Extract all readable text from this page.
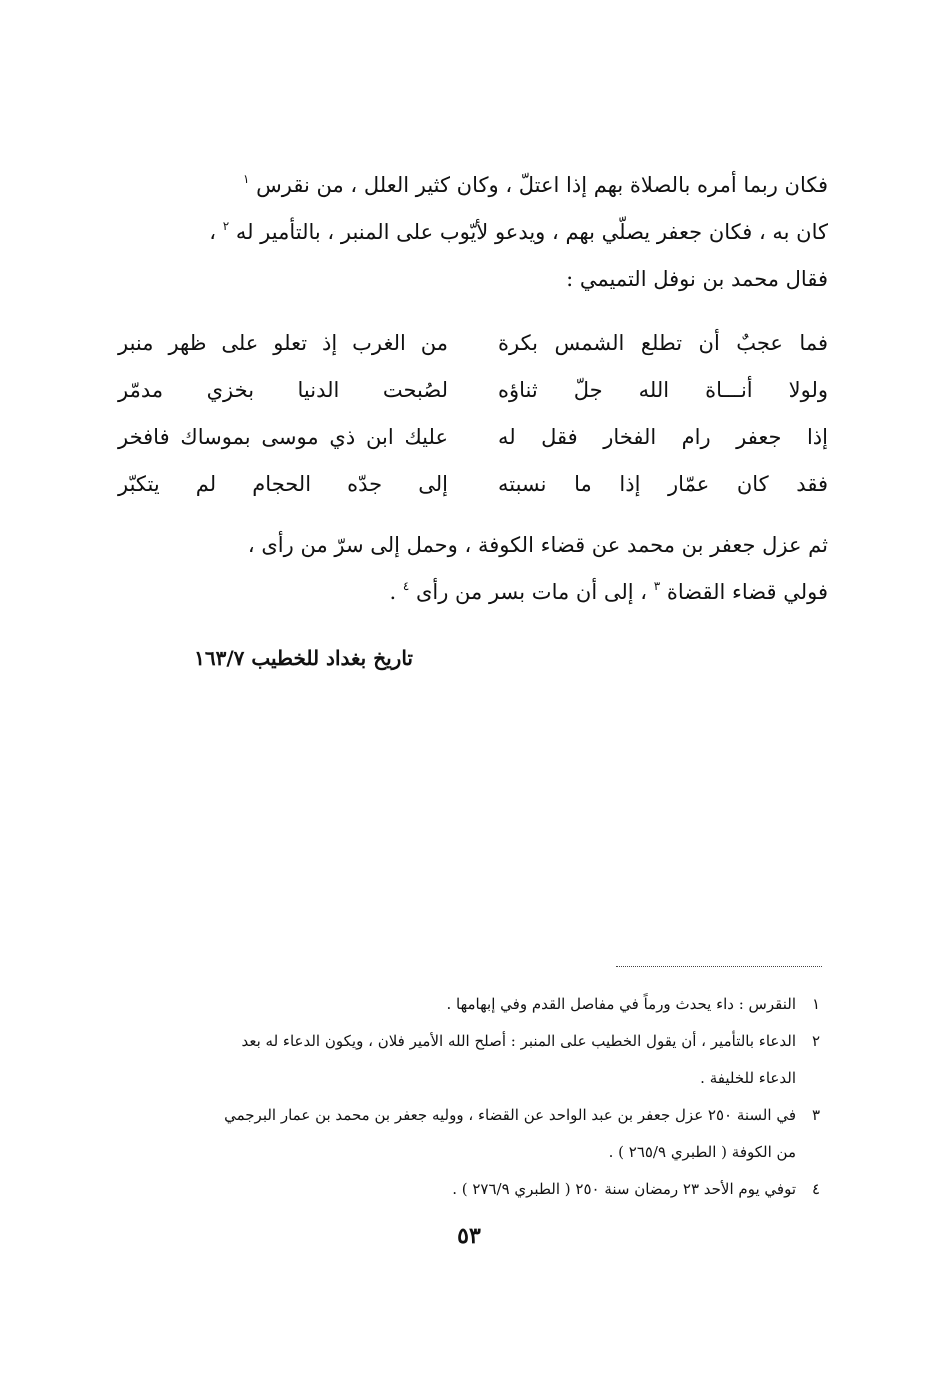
فكان ربما أمره بالصلاة بهم إذا اعتلّ ، وكان كثير العلل ، من نقرس $^١$
كان به ، فكان جعفر يصلّي بهم ، ويدعو لأيّوب على المنبر ، بالتأمير له $^٢$ ،
فقال محمد بن نوفل التميمي :
فما عجبٌ أن تطلع الشمس بكرة
من الغرب إذ تعلو على ظهر منبر
ولولا أنـــاة الله جلّ ثناؤه
لصُبحت الدنيا بخزي مدمّر
إذا جعفر رام الفخار فقل له
عليك ابن ذي موسى بموساك فافخر
فقد كان عمّار إذا ما نسبته
إلى جدّه الحجام لم يتكبّر
ثم عزل جعفر بن محمد عن قضاء الكوفة ، وحمل إلى سرّ من رأى ،
فولي قضاء القضاة $^٣$ ، إلى أن مات بسر من رأى $^٤$ .
تاريخ بغداد للخطيب ١٦٣/٧
١
النقرس : داء يحدث ورماً في مفاصل القدم وفي إبهامها .
٢
الدعاء بالتأمير ، أن يقول الخطيب على المنبر : أصلح الله الأمير فلان ، ويكون الدعاء له بعد
الدعاء للخليفة .
٣
في السنة ٢٥٠ عزل جعفر بن عبد الواحد عن القضاء ، ووليه جعفر بن محمد بن عمار البرجمي
من الكوفة ( الطبري ٢٦٥/٩ ) .
٤
توفي يوم الأحد ٢٣ رمضان سنة ٢٥٠ ( الطبري ٢٧٦/٩ ) .
٥٣
